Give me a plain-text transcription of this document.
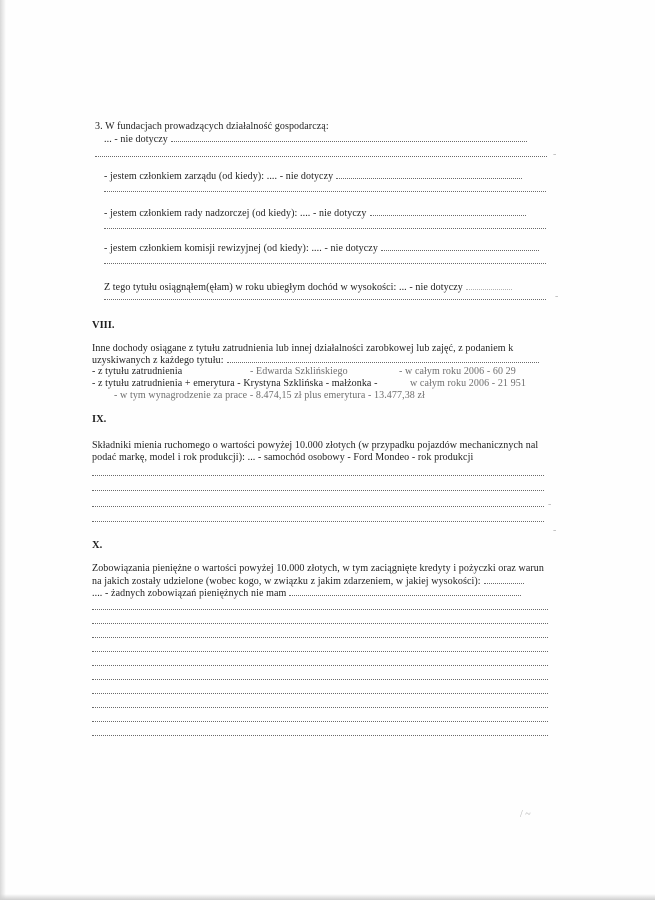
3. W fundacjach prowadzących działalność gospodarczą:
... - nie dotyczy
- jestem członkiem zarządu (od kiedy): .... - nie dotyczy
- jestem członkiem rady nadzorczej (od kiedy): .... - nie dotyczy
- jestem członkiem komisji rewizyjnej (od kiedy): .... - nie dotyczy
Z tego tytułu osiągnąłem(ęłam) w roku ubiegłym dochód w wysokości: ... - nie dotyczy
VIII.
Inne dochody osiągane z tytułu zatrudnienia lub innej działalności zarobkowej lub zajęć, z podaniem k
uzyskiwanych z każdego tytułu:
- z tytułu zatrudnienia	- Edwarda Szklińskiego	- w całym roku 2006 - 60 29
- z tytułu zatrudnienia + emerytura - Krystyna Szklińska - małżonka -	w całym roku 2006 - 21 951
- w tym wynagrodzenie za prace - 8.474,15 zł plus emerytura - 13.477,38 zł
IX.
Składniki mienia ruchomego o wartości powyżej 10.000 złotych (w przypadku pojazdów mechanicznych nal
podać markę, model i rok produkcji): ... - samochód osobowy - Ford Mondeo - rok produkcji
X.
Zobowiązania pieniężne o wartości powyżej 10.000 złotych, w tym zaciągnięte kredyty i pożyczki oraz warun
na jakich zostały udzielone (wobec kogo, w związku z jakim zdarzeniem, w jakiej wysokości):
.... - żadnych zobowiązań pieniężnych nie mam
-
-
-
-
/ ~
